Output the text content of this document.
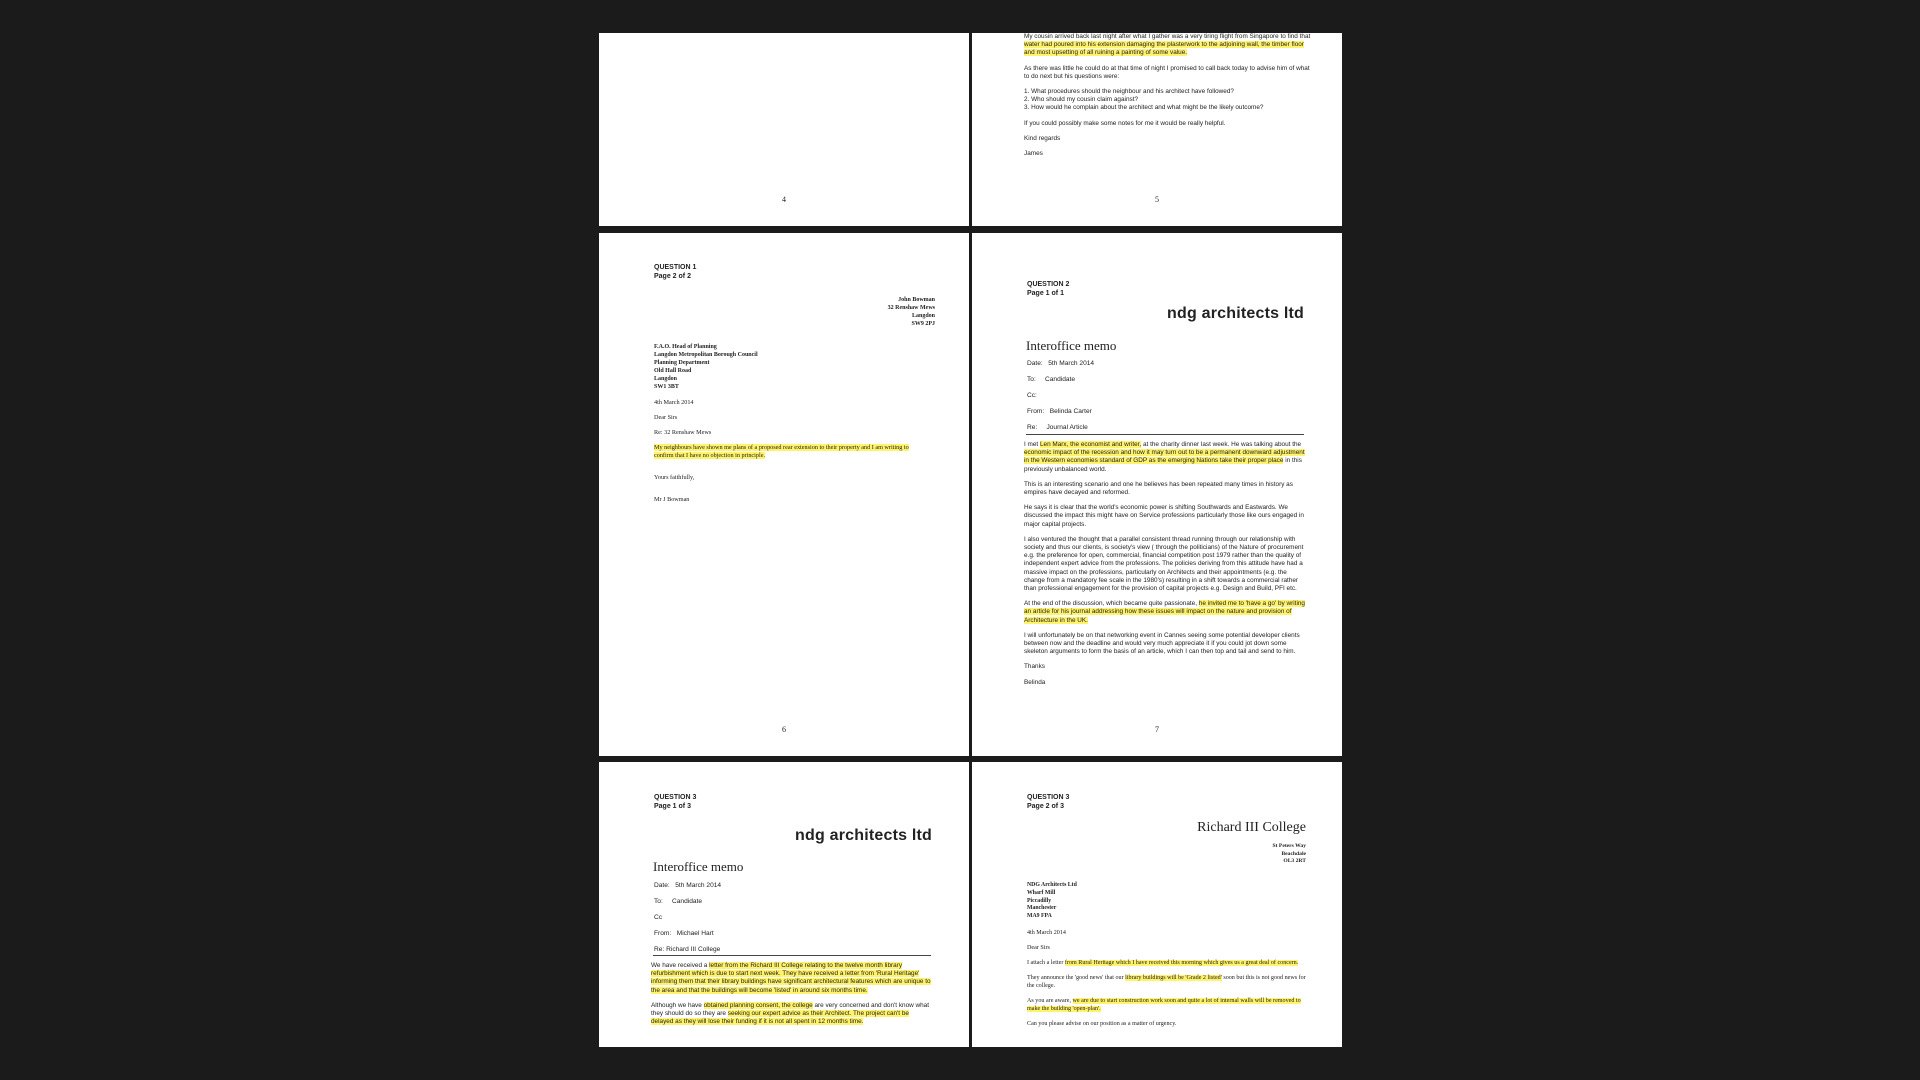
4

My cousin arrived back last night after what I gather was a very tiring flight from Singapore to find that water had poured into his extension damaging the plasterwork to the adjoining wall, the timber floor and most upsetting of all ruining a painting of some value.

As there was little he could do at that time of night I promised to call back today to advise him of what to do next but his questions were:

1. What procedures should the neighbour and his architect have followed?
2. Who should my cousin claim against?

3. How would he complain about the architect and what might be the likely outcome?

If you could possibly make some notes for me it would be really helpful.

Kind regards

James

5
QUESTION 1
Page 2 of 2
John Bowman
32 Renshaw Mews
Langdon
SW9 2PJ
F.A.O. Head of Planning
Langdon Metropolitan Borough Council
Planning Department
Old Hall Road
Langdon
SW1 3BT

4th March 2014

Dear Sirs

Re: 32 Renshaw Mews

My neighbours have shown me plans of a proposed rear extension to their property and I am writing to confirm that I have no objection in principle.

Yours faithfully,

Mr J Bowman

6
QUESTION 2
Page 1 of 1
ndg architects ltd
Interoffice memo
Date: 5th March 2014
To: Candidate
Cc:
From: Belinda Carter
Re: Journal Article

I met Len Marx, the economist and writer, at the charity dinner last week. He was talking about the economic impact of the recession and how it may turn out to be a permanent downward adjustment in the Western economies standard of GDP as the emerging Nations take their proper place in this previously unbalanced world.

This is an interesting scenario and one he believes has been repeated many times in history as empires have decayed and reformed.

He says it is clear that the world's economic power is shifting Southwards and Eastwards. We discussed the impact this might have on Service professions particularly those like ours engaged in major capital projects.

I also ventured the thought that a parallel consistent thread running through our relationship with society and thus our clients, is society's view ( through the politicians) of the Nature of procurement e.g. the preference for open, commercial, financial competition post 1979 rather than the quality of independent expert advice from the professions. The policies deriving from this attitude have had a massive impact on the professions, particularly on Architects and their appointments (e.g. the change from a mandatory fee scale in the 1980's) resulting in a shift towards a commercial rather than professional engagement for the provision of capital projects e.g. Design and Build, PFI etc.

At the end of the discussion, which became quite passionate, he invited me to 'have a go' by writing an article for his journal addressing how these issues will impact on the nature and provision of Architecture in the UK.

I will unfortunately be on that networking event in Cannes seeing some potential developer clients between now and the deadline and would very much appreciate it if you could jot down some skeleton arguments to form the basis of an article, which I can then top and tail and send to him.

Thanks

Belinda

7
QUESTION 3
Page 1 of 3
ndg architects ltd
Interoffice memo
Date: 5th March 2014
To: Candidate
Cc
From: Michael Hart
Re: Richard III College

We have received a letter from the Richard III College relating to the twelve month library refurbishment which is due to start next week. They have received a letter from 'Rural Heritage' informing them that their library buildings have significant architectural features which are unique to the area and that the buildings will become 'listed' in around six months time.

Although we have obtained planning consent, the college are very concerned and don't know what they should do so they are seeking our expert advice as their Architect. The project can't be delayed as they will lose their funding if it is not all spent in 12 months time.

QUESTION 3
Page 2 of 3
Richard III College
St Peters Way
Beachdale
OL3 2RT
NDG Architects Ltd
Wharf Mill
Piccadilly
Manchester
MA9 FPA

4th March 2014

Dear Sirs

I attach a letter from Rural Heritage which I have received this morning which gives us a great deal of concern.

They announce the 'good news' that our library buildings will be 'Grade 2 listed' soon but this is not good news for the college.

As you are aware, we are due to start construction work soon and quite a lot of internal walls will be removed to make the building 'open-plan'.

Can you please advise on our position as a matter of urgency.
